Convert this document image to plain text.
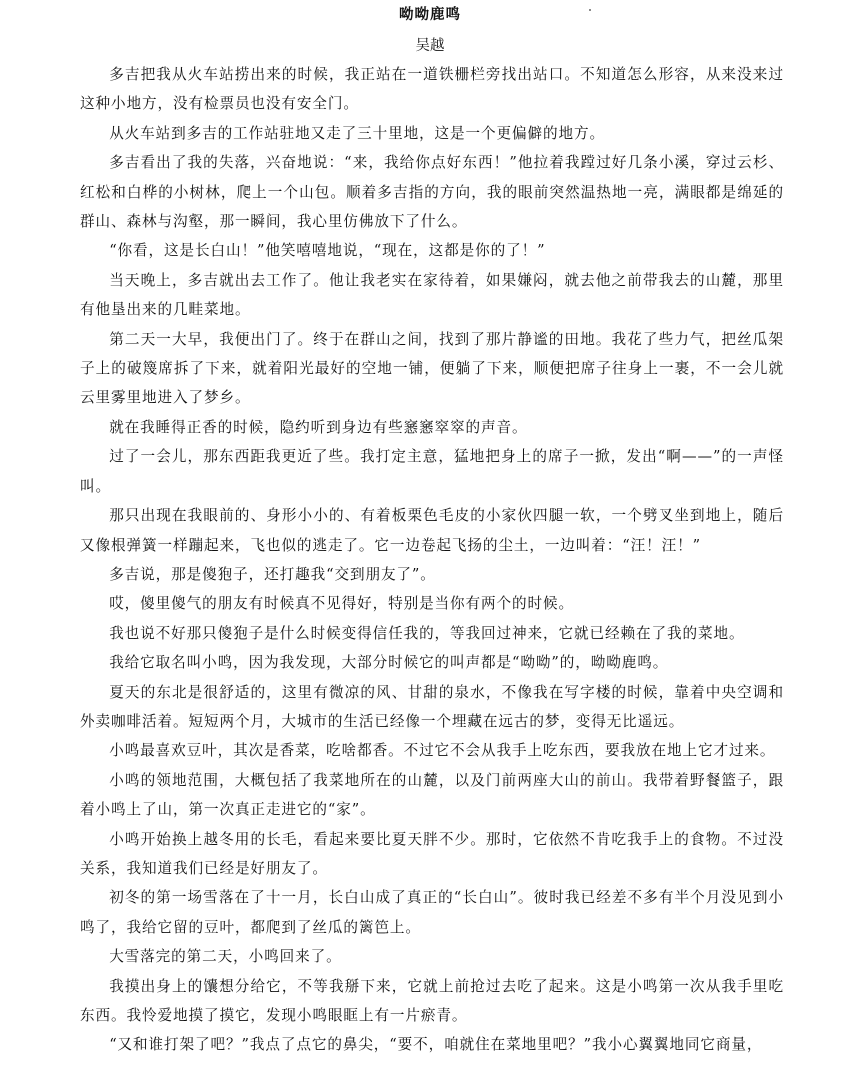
呦呦鹿鸣
吴越

多吉把我从火车站捞出来的时候，我正站在一道铁栅栏旁找出站口。不知道怎么形容，从来没来过这种小地方，没有检票员也没有安全门。

从火车站到多吉的工作站驻地又走了三十里地，这是一个更偏僻的地方。

多吉看出了我的失落，兴奋地说：“来，我给你点好东西！”他拉着我蹚过好几条小溪，穿过云杉、红松和白桦的小树林，爬上一个山包。顺着多吉指的方向，我的眼前突然温热地一亮，满眼都是绵延的群山、森林与沟壑，那一瞬间，我心里仿佛放下了什么。

“你看，这是长白山！”他笑嘻嘻地说，“现在，这都是你的了！”

当天晚上，多吉就出去工作了。他让我老实在家待着，如果嫌闷，就去他之前带我去的山麓，那里有他垦出来的几畦菜地。

第二天一大早，我便出门了。终于在群山之间，找到了那片静谧的田地。我花了些力气，把丝瓜架子上的破篾席拆了下来，就着阳光最好的空地一铺，便躺了下来，顺便把席子往身上一裹，不一会儿就云里雾里地进入了梦乡。

就在我睡得正香的时候，隐约听到身边有些窸窸窣窣的声音。

过了一会儿，那东西距我更近了些。我打定主意，猛地把身上的席子一掀，发出“啊——”的一声怪叫。

那只出现在我眼前的、身形小小的、有着板栗色毛皮的小家伙四腿一软，一个劈叉坐到地上，随后又像根弹簧一样蹦起来，飞也似的逃走了。它一边卷起飞扬的尘土，一边叫着：“汪！汪！”

多吉说，那是傻狍子，还打趣我“交到朋友了”。

哎，傻里傻气的朋友有时候真不见得好，特别是当你有两个的时候。

我也说不好那只傻狍子是什么时候变得信任我的，等我回过神来，它就已经赖在了我的菜地。

我给它取名叫小鸣，因为我发现，大部分时候它的叫声都是“呦呦”的，呦呦鹿鸣。

夏天的东北是很舒适的，这里有微凉的风、甘甜的泉水，不像我在写字楼的时候，靠着中央空调和外卖咖啡活着。短短两个月，大城市的生活已经像一个埋藏在远古的梦，变得无比遥远。

小鸣最喜欢豆叶，其次是香菜，吃啥都香。不过它不会从我手上吃东西，要我放在地上它才过来。

小鸣的领地范围，大概包括了我菜地所在的山麓，以及门前两座大山的前山。我带着野餐篮子，跟着小鸣上了山，第一次真正走进它的“家”。

小鸣开始换上越冬用的长毛，看起来要比夏天胖不少。那时，它依然不肯吃我手上的食物。不过没关系，我知道我们已经是好朋友了。

初冬的第一场雪落在了十一月，长白山成了真正的“长白山”。彼时我已经差不多有半个月没见到小鸣了，我给它留的豆叶，都爬到了丝瓜的篱笆上。

大雪落完的第二天，小鸣回来了。

我摸出身上的馕想分给它，不等我掰下来，它就上前抢过去吃了起来。这是小鸣第一次从我手里吃东西。我怜爱地摸了摸它，发现小鸣眼眶上有一片瘀青。

“又和谁打架了吧？”我点了点它的鼻尖，“要不，咱就住在菜地里吧？”我小心翼翼地同它商量，
